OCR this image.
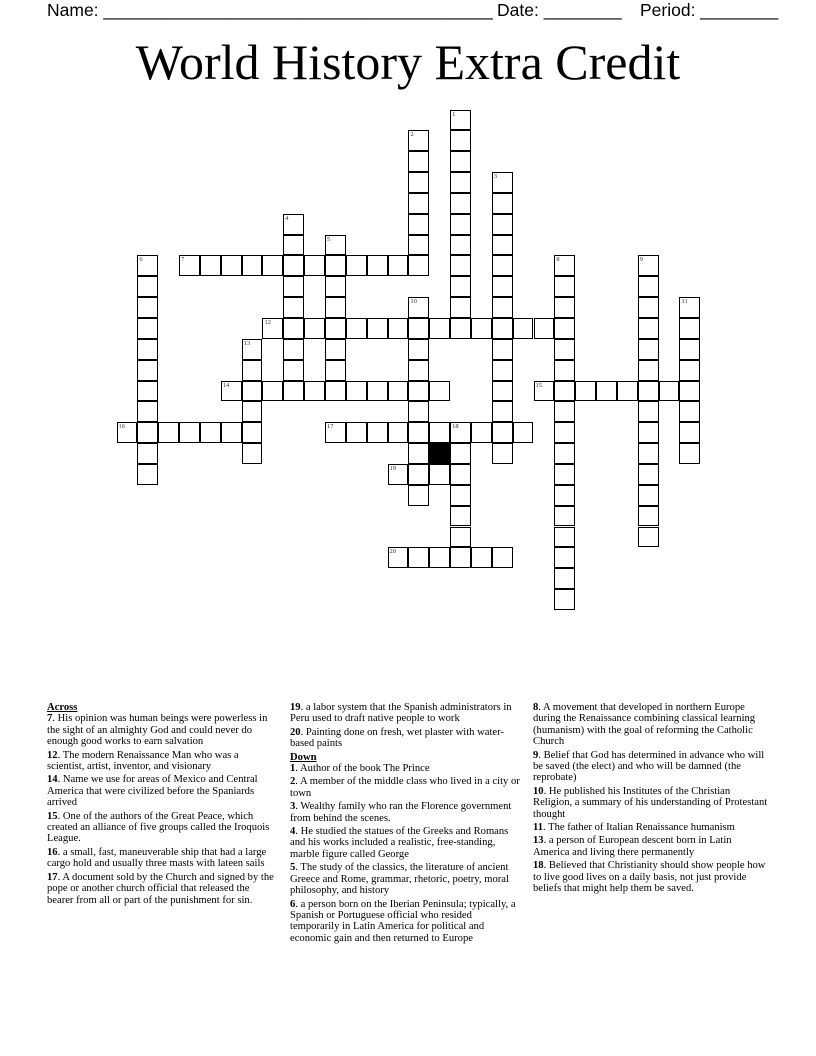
Name: ________________________________________ Date: ________ Period: ________
World History Extra Credit
1
2
3
4
5
6	7	8	9
10	11
12
13
14	15
16	17	18
19
20
Across
7. His opinion was human beings were powerless in the sight of an almighty God and could never do enough good works to earn salvation
12. The modern Renaissance Man who was a scientist, artist, inventor, and visionary
14. Name we use for areas of Mexico and Central America that were civilized before the Spaniards arrived
15. One of the authors of the Great Peace, which created an alliance of five groups called the Iroquois League.
16. a small, fast, maneuverable ship that had a large cargo hold and usually three masts with lateen sails
17. A document sold by the Church and signed by the pope or another church official that released the bearer from all or part of the punishment for sin.
19. a labor system that the Spanish administrators in Peru used to draft native people to work
20. Painting done on fresh, wet plaster with water-based paints
Down
1. Author of the book The Prince
2. A member of the middle class who lived in a city or town
3. Wealthy family who ran the Florence government from behind the scenes.
4. He studied the statues of the Greeks and Romans and his works included a realistic, free-standing, marble figure called George
5. The study of the classics, the literature of ancient Greece and Rome, grammar, rhetoric, poetry, moral philosophy, and history
6. a person born on the Iberian Peninsula; typically, a Spanish or Portuguese official who resided temporarily in Latin America for political and economic gain and then returned to Europe
8. A movement that developed in northern Europe during the Renaissance combining classical learning (humanism) with the goal of reforming the Catholic Church
9. Belief that God has determined in advance who will be saved (the elect) and who will be damned (the reprobate)
10. He published his Institutes of the Christian Religion, a summary of his understanding of Protestant thought
11. The father of Italian Renaissance humanism
13. a person of European descent born in Latin America and living there permanently
18. Believed that Christianity should show people how to live good lives on a daily basis, not just provide beliefs that might help them be saved.
